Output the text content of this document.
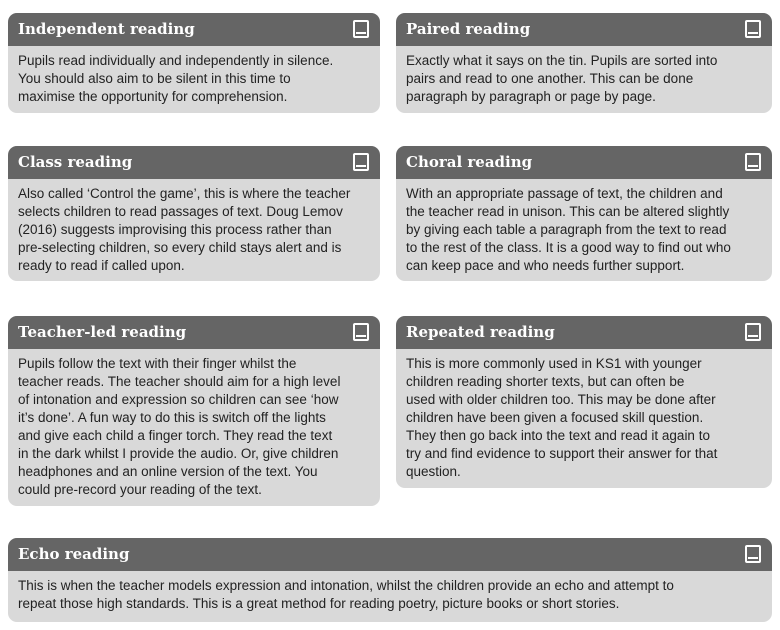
Independent reading

Pupils read individually and independently in silence.

You should also aim to be silent in this time to

maximise the opportunity for comprehension.

Paired reading

Exactly what it says on the tin. Pupils are sorted into

pairs and read to one another. This can be done

paragraph by paragraph or page by page.

Class reading

Also called ‘Control the game’, this is where the teacher

selects children to read passages of text. Doug Lemov

(2016) suggests improvising this process rather than

pre-selecting children, so every child stays alert and is

ready to read if called upon.

Choral reading

With an appropriate passage of text, the children and

the teacher read in unison. This can be altered slightly

by giving each table a paragraph from the text to read

to the rest of the class. It is a good way to find out who

can keep pace and who needs further support.

Teacher-led reading

Pupils follow the text with their finger whilst the

teacher reads. The teacher should aim for a high level

of intonation and expression so children can see ‘how

it’s done’. A fun way to do this is switch off the lights

and give each child a finger torch. They read the text

in the dark whilst I provide the audio. Or, give children

headphones and an online version of the text. You

could pre-record your reading of the text.

Repeated reading

This is more commonly used in KS1 with younger

children reading shorter texts, but can often be

used with older children too. This may be done after

children have been given a focused skill question.

They then go back into the text and read it again to

try and find evidence to support their answer for that

question.

Echo reading

This is when the teacher models expression and intonation, whilst the children provide an echo and attempt to

repeat those high standards. This is a great method for reading poetry, picture books or short stories.
